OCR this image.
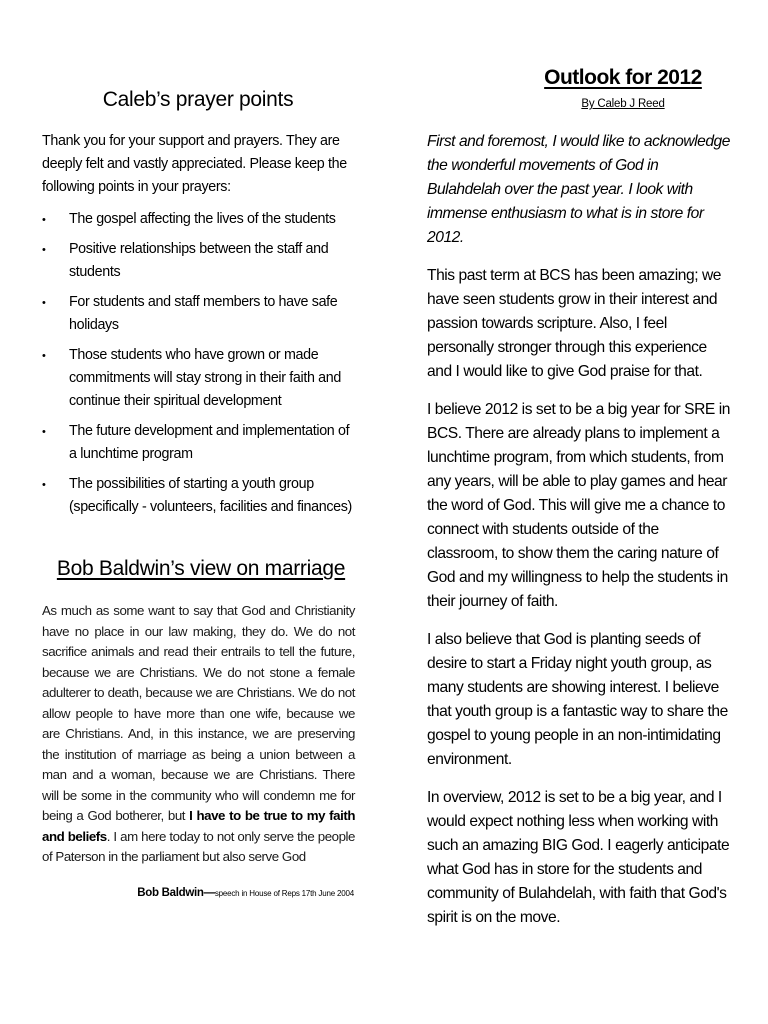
Caleb’s prayer points
Thank you for your support and prayers. They are deeply felt and vastly appreciated. Please keep the following points in your prayers:
• The gospel affecting the lives of the students
• Positive relationships between the staff and students
• For students and staff members to have safe holidays
• Those students who have grown or made commitments will stay strong in their faith and continue their spiritual development
• The future development and implementation of a lunchtime program
• The possibilities of starting a youth group (specifically - volunteers, facilities and finances)
Bob Baldwin’s view on marriage
As much as some want to say that God and Christianity have no place in our law making, they do. We do not sacrifice animals and read their entrails to tell the future, because we are Christians. We do not stone a female adulterer to death, because we are Christians. We do not allow people to have more than one wife, because we are Christians. And, in this instance, we are preserving the institution of marriage as being a union between a man and a woman, because we are Christians. There will be some in the community who will condemn me for being a God botherer, but I have to be true to my faith and beliefs. I am here today to not only serve the people of Paterson in the parliament but also serve God
Bob Baldwin—speech in House of Reps 17th June 2004
Outlook for 2012
By Caleb J Reed

First and foremost, I would like to acknowledge the wonderful movements of God in Bulahdelah over the past year. I look with immense enthusiasm to what is in store for 2012.

This past term at BCS has been amazing; we have seen students grow in their interest and passion towards scripture. Also, I feel personally stronger through this experience and I would like to give God praise for that.

I believe 2012 is set to be a big year for SRE in BCS. There are already plans to implement a lunchtime program, from which students, from any years, will be able to play games and hear the word of God. This will give me a chance to connect with students outside of the classroom, to show them the caring nature of God and my willingness to help the students in their journey of faith.

I also believe that God is planting seeds of desire to start a Friday night youth group, as many students are showing interest. I believe that youth group is a fantastic way to share the gospel to young people in an non-intimidating environment.

In overview, 2012 is set to be a big year, and I would expect nothing less when working with such an amazing BIG God. I eagerly anticipate what God has in store for the students and community of Bulahdelah, with faith that God's spirit is on the move.
